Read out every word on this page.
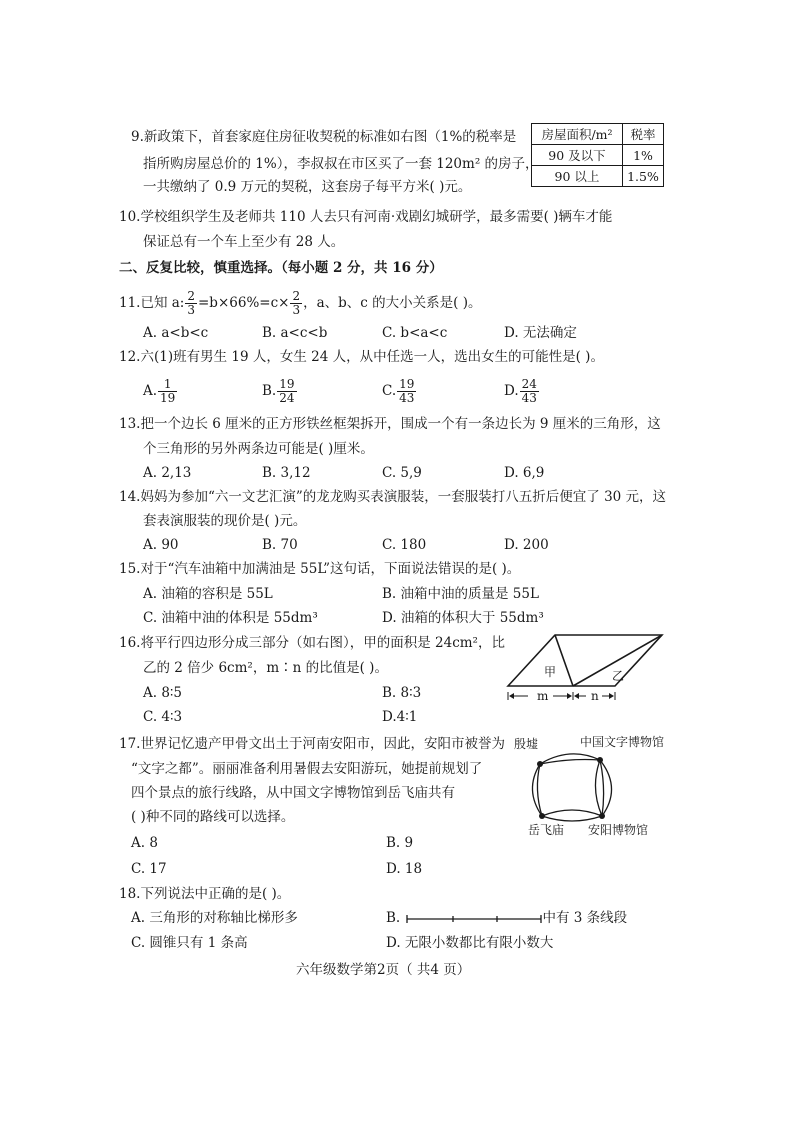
9.新政策下，首套家庭住房征收契税的标准如右图（1%的税率是
指所购房屋总价的 1%），李叔叔在市区买了一套 120m² 的房子，
一共缴纳了 0.9 万元的契税，这套房子每平方米( )元。
房屋面积/m²	税率
90 及以下	1%
90 以上	1.5%
10.学校组织学生及老师共 110 人去只有河南·戏剧幻城研学，最多需要( )辆车才能
保证总有一个车上至少有 28 人。
二、反复比较，慎重选择。（每小题 2 分，共 16 分）
11.已知 a: $\frac{2}{3} =b\times 66\%=c\times \frac{2}{3}$ ，a、b、c 的大小关系是( )。
A. a<b<c	B. a<c<b	C. b<a<c	D. 无法确定
12.六(1)班有男生 19 人，女生 24 人，从中任选一人，选出女生的可能性是( )。
A. $\frac{1}{19}$	B. $\frac{19}{24}$	C. $\frac{19}{43}$	D. $\frac{24}{43}$
13.把一个边长 6 厘米的正方形铁丝框架拆开，围成一个有一条边长为 9 厘米的三角形，这
个三角形的另外两条边可能是( )厘米。
A. 2,13	B. 3,12	C. 5,9	D. 6,9
14.妈妈为参加“六一文艺汇演”的龙龙购买表演服装，一套服装打八五折后便宜了 30 元，这
套表演服装的现价是( )元。
A. 90	B. 70	C. 180	D. 200
15.对于“汽车油箱中加满油是 55L”这句话，下面说法错误的是( )。
A. 油箱的容积是 55L	B. 油箱中油的质量是 55L
C. 油箱中油的体积是 55dm³	D. 油箱的体积大于 55dm³
16.将平行四边形分成三部分（如右图），甲的面积是 24cm²，比
乙的 2 倍少 6cm²，m∶n 的比值是( )。
A. 8∶5	B. 8∶3
C. 4∶3	D.4∶1
甲	乙
m	n
17.世界记忆遗产甲骨文出土于河南安阳市，因此，安阳市被誉为
“文字之都”。丽丽准备利用暑假去安阳游玩，她提前规划了
四个景点的旅行线路，从中国文字博物馆到岳飞庙共有
( )种不同的路线可以选择。
A. 8	B. 9
C. 17	D. 18
殷墟	中国文字博物馆
岳飞庙 安阳博物馆
18.下列说法中正确的是( )。
A. 三角形的对称轴比梯形多	B.	中有 3 条线段
C. 圆锥只有 1 条高	D. 无限小数都比有限小数大
六年级数学第2页（ 共4 页）
